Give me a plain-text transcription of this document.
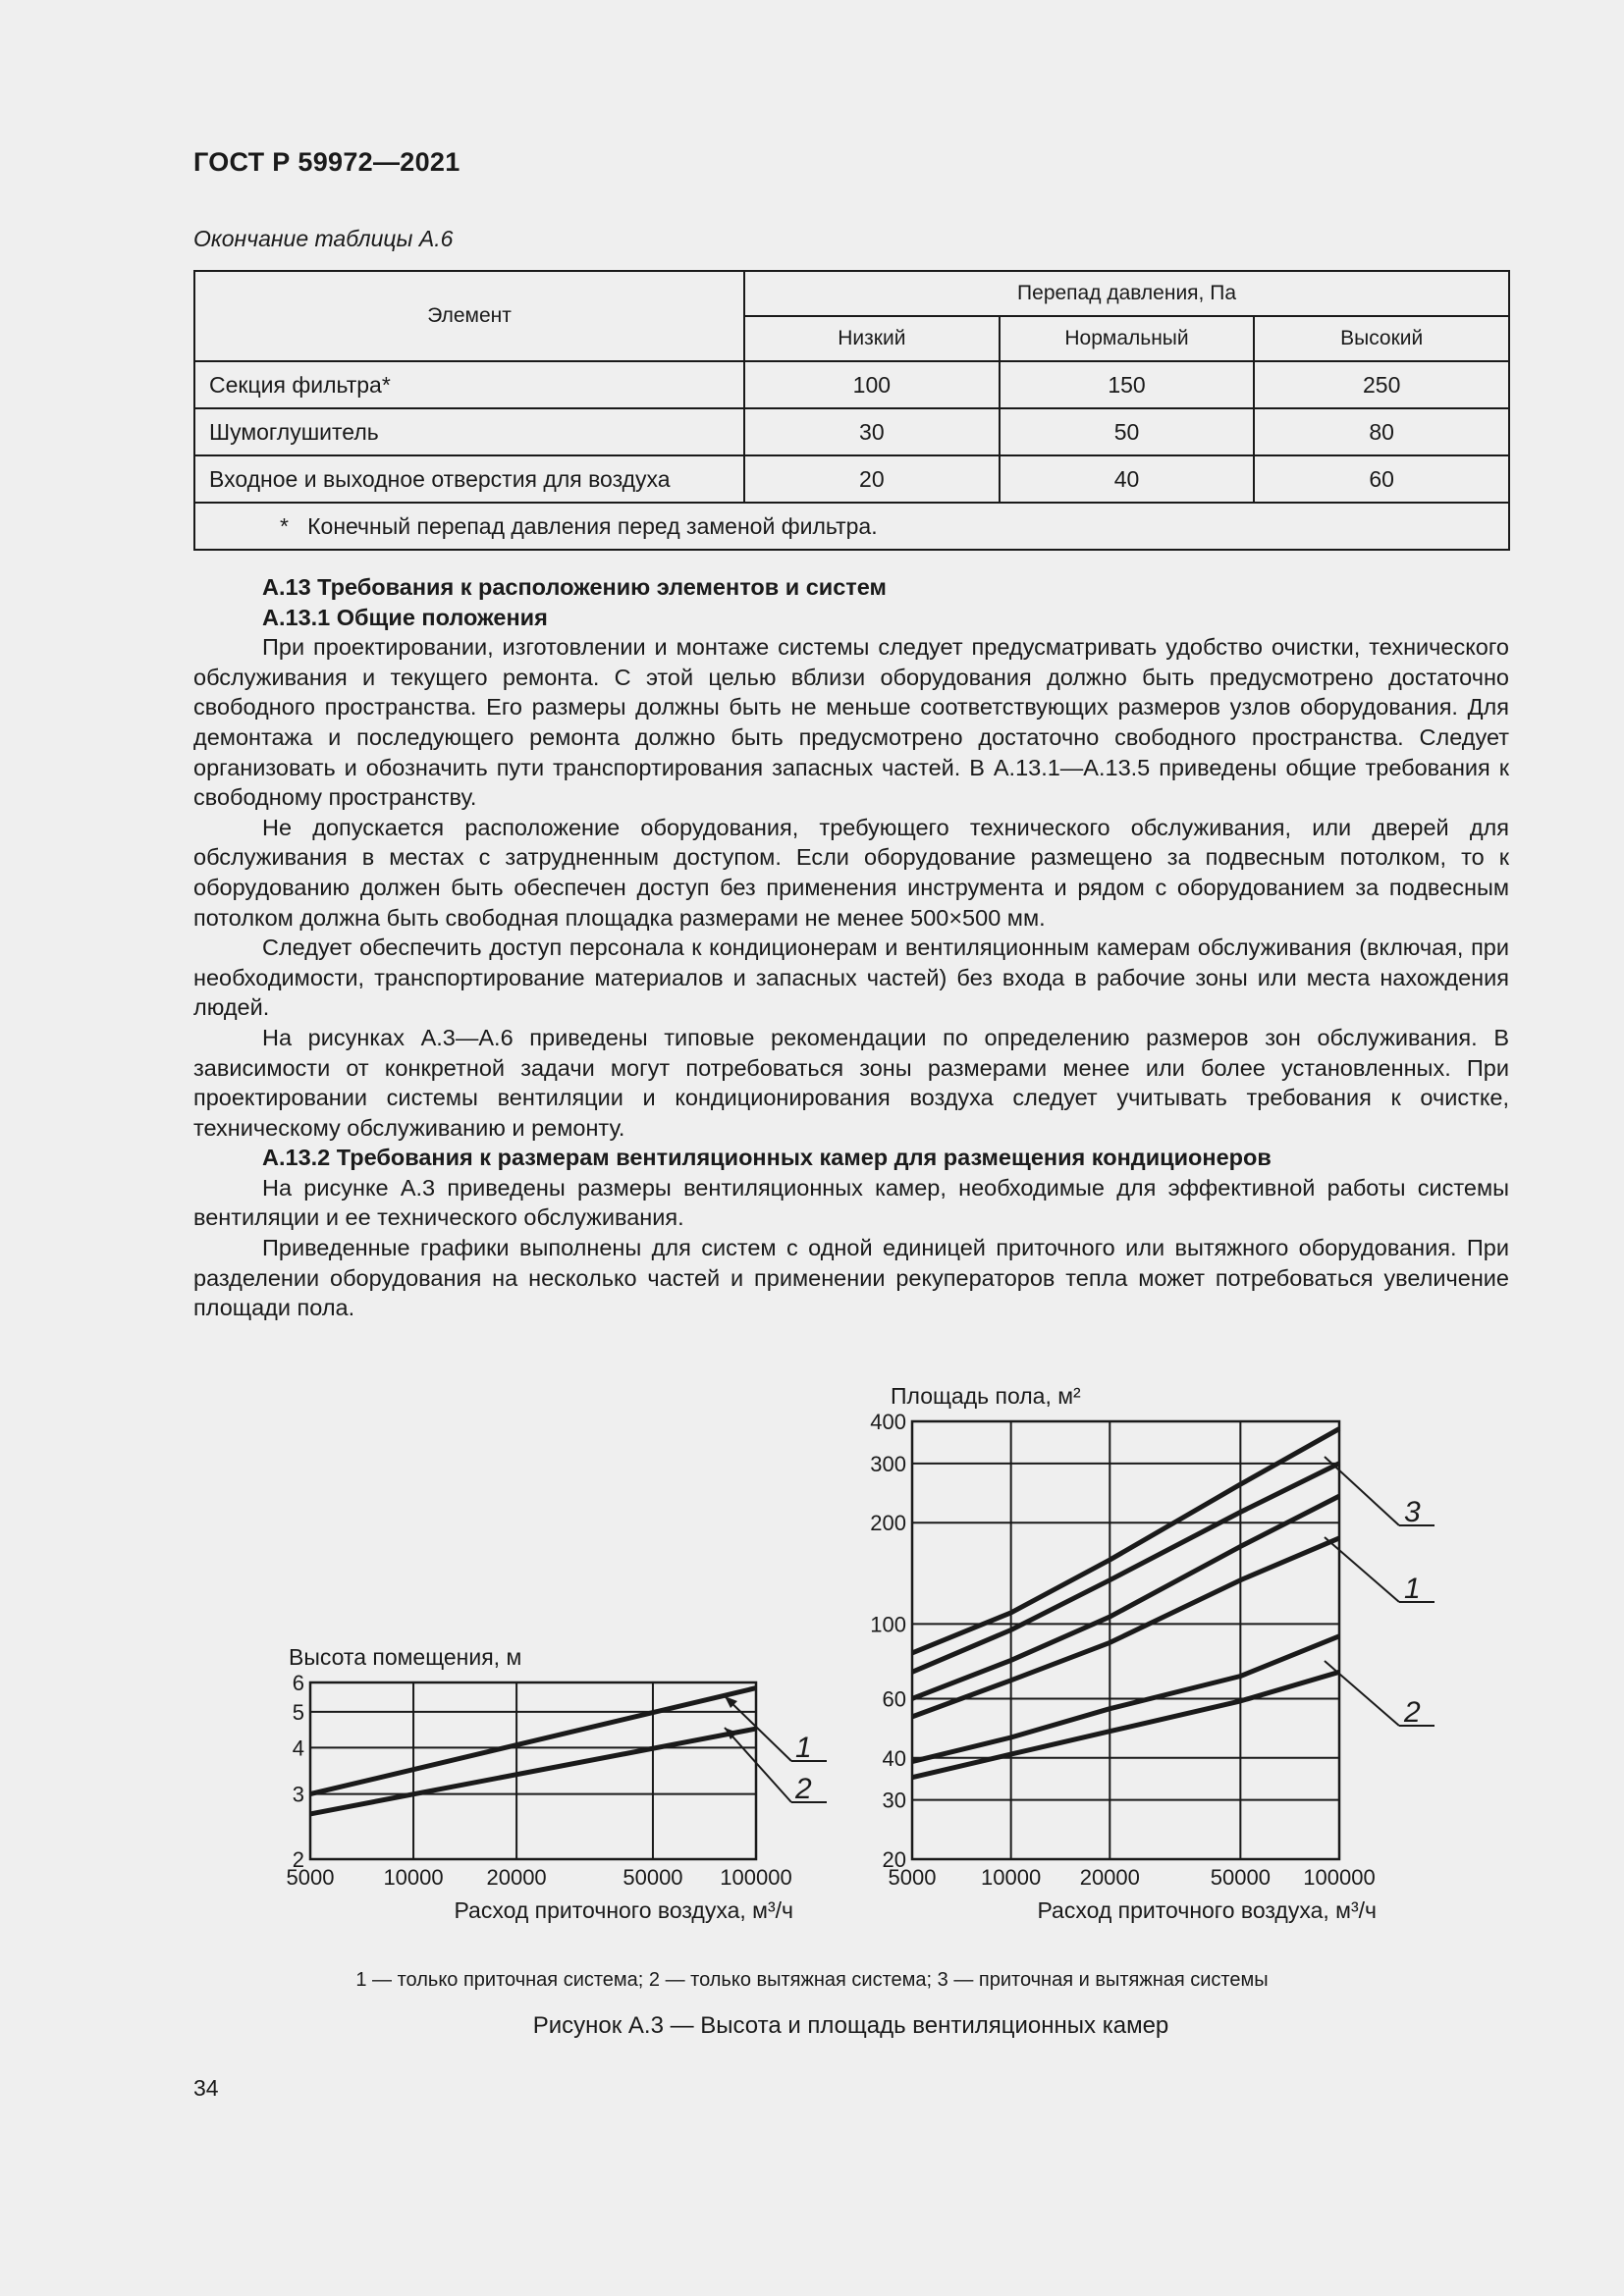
ГОСТ Р 59972—2021
Окончание таблицы А.6
Элемент	Перепад давления, Па		
	Низкий	Нормальный	Высокий
Секция фильтра*	100	150	250
Шумоглушитель	30	50	80
Входное и выходное отверстия для воздуха	20	40	60
* Конечный перепад давления перед заменой фильтра.			
А.13 Требования к расположению элементов и систем
А.13.1 Общие положения

При проектировании, изготовлении и монтаже системы следует предусматривать удобство очистки, технического обслуживания и текущего ремонта. С этой целью вблизи оборудования должно быть предусмотрено достаточно свободного пространства. Его размеры должны быть не меньше соответствующих размеров узлов оборудования. Для демонтажа и последующего ремонта должно быть предусмотрено достаточно свободного пространства. Следует организовать и обозначить пути транспортирования запасных частей. В А.13.1—А.13.5 приведены общие требования к свободному пространству.

Не допускается расположение оборудования, требующего технического обслуживания, или дверей для обслуживания в местах с затрудненным доступом. Если оборудование размещено за подвесным потолком, то к оборудованию должен быть обеспечен доступ без применения инструмента и рядом с оборудованием за подвесным потолком должна быть свободная площадка размерами не менее 500×500 мм.

Следует обеспечить доступ персонала к кондиционерам и вентиляционным камерам обслуживания (включая, при необходимости, транспортирование материалов и запасных частей) без входа в рабочие зоны или места нахождения людей.

На рисунках А.3—А.6 приведены типовые рекомендации по определению размеров зон обслуживания. В зависимости от конкретной задачи могут потребоваться зоны размерами менее или более установленных. При проектировании системы вентиляции и кондиционирования воздуха следует учитывать требования к очистке, техническому обслуживанию и ремонту.

А.13.2 Требования к размерам вентиляционных камер для размещения кондиционеров

На рисунке А.3 приведены размеры вентиляционных камер, необходимые для эффективной работы системы вентиляции и ее технического обслуживания.

Приведенные графики выполнены для систем с одной единицей приточного или вытяжного оборудования. При разделении оборудования на несколько частей и применении рекуператоров тепла может потребоваться увеличение площади пола.

5000 10000 20000	50000 100000
2
3
4
5
6
Высота помещения, м
Расход приточного воздуха, м³/ч
1
2
5000 10000 20000	50000 100000
20
30
40
60
100
200
300
400
Площадь пола, м²
Расход приточного воздуха, м³/ч
3
1
2
1 — только приточная система; 2 — только вытяжная система; 3 — приточная и вытяжная системы
Рисунок А.3 — Высота и площадь вентиляционных камер
34
